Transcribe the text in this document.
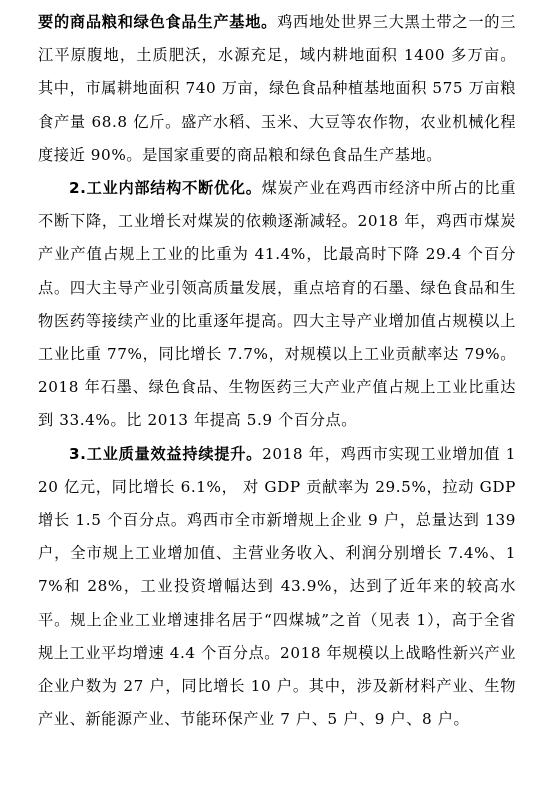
要的商品粮和绿色食品生产基地。鸡西地处世界三大黑土带之一的三江平原腹地，土质肥沃，水源充足，域内耕地面积 1400 多万亩。其中，市属耕地面积 740 万亩，绿色食品种植基地面积 575 万亩粮食产量 68.8 亿斤。盛产水稻、玉米、大豆等农作物，农业机械化程度接近 90%。是国家重要的商品粮和绿色食品生产基地。

2.工业内部结构不断优化。煤炭产业在鸡西市经济中所占的比重不断下降，工业增长对煤炭的依赖逐渐减轻。2018 年，鸡西市煤炭产业产值占规上工业的比重为 41.4%，比最高时下降 29.4 个百分点。四大主导产业引领高质量发展，重点培育的石墨、绿色食品和生物医药等接续产业的比重逐年提高。四大主导产业增加值占规模以上工业比重 77%，同比增长 7.7%，对规模以上工业贡献率达 79%。2018 年石墨、绿色食品、生物医药三大产业产值占规上工业比重达到 33.4%。比 2013 年提高 5.9 个百分点。

3.工业质量效益持续提升。2018 年，鸡西市实现工业增加值 120 亿元，同比增长 6.1%， 对 GDP 贡献率为 29.5%，拉动 GDP 增长 1.5 个百分点。鸡西市全市新增规上企业 9 户，总量达到 139 户，全市规上工业增加值、主营业务收入、利润分别增长 7.4%、17%和 28%，工业投资增幅达到 43.9%，达到了近年来的较高水平。规上企业工业增速排名居于“四煤城”之首（见表 1），高于全省规上工业平均增速 4.4 个百分点。2018 年规模以上战略性新兴产业企业户数为 27 户，同比增长 10 户。其中，涉及新材料产业、生物产业、新能源产业、节能环保产业 7 户、5 户、9 户、8 户。
